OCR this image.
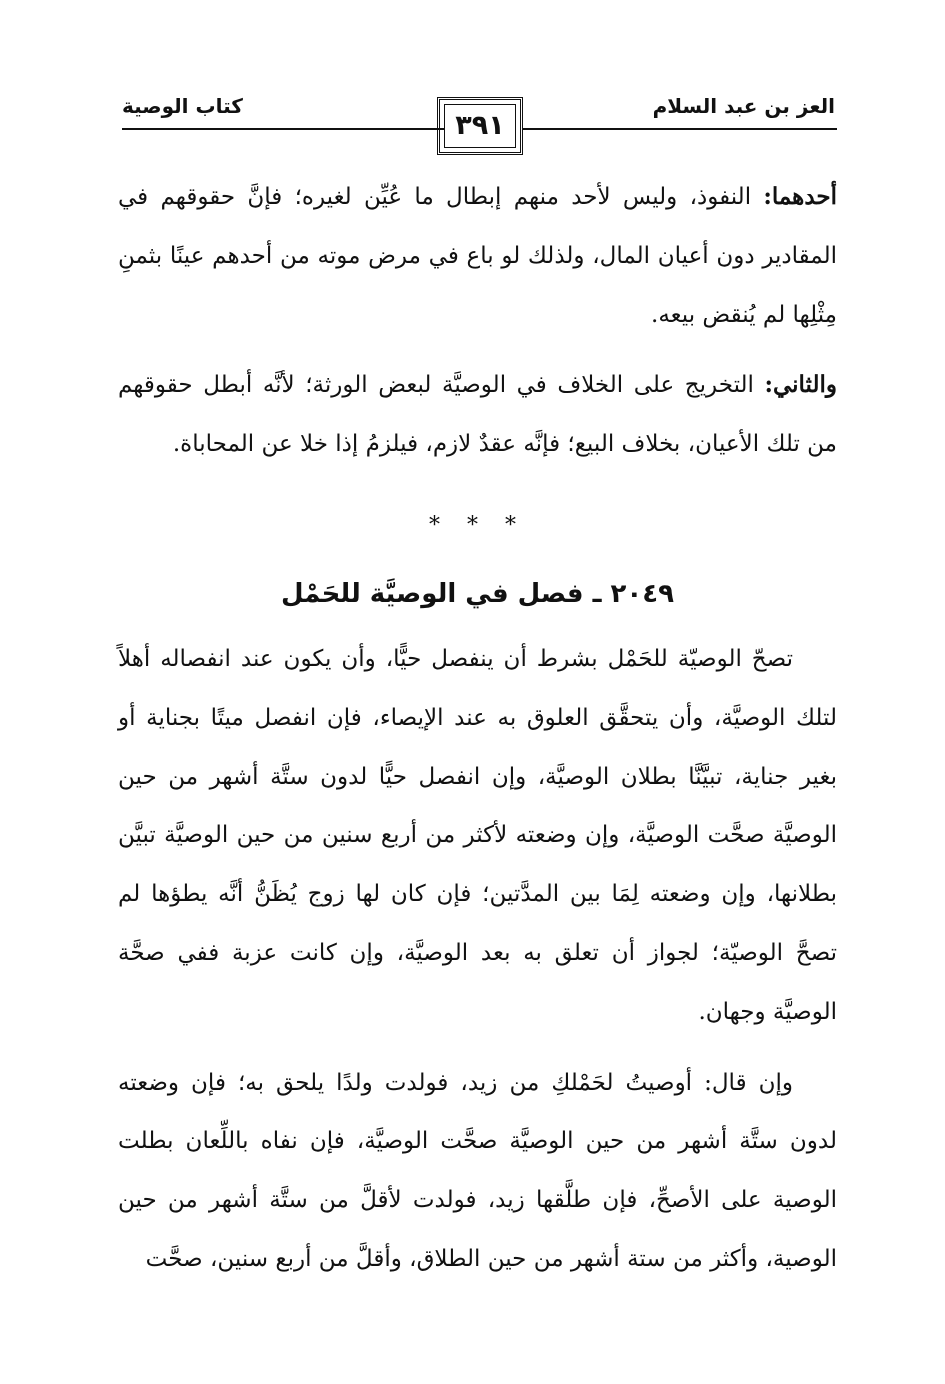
العز بن عبد السلام
كتاب الوصية
٣٩١

أحدهما: النفوذ، وليس لأحد منهم إبطال ما عُيِّن لغيره؛ فإنَّ حقوقهم في المقادير دون أعيان المال، ولذلك لو باع في مرض موته من أحدهم عينًا بثمنِ مِثْلِها لم يُنقض بيعه.

والثاني: التخريج على الخلاف في الوصيَّة لبعض الورثة؛ لأنَّه أبطل حقوقهم من تلك الأعيان، بخلاف البيع؛ فإنَّه عقدٌ لازم، فيلزمُ إذا خلا عن المحاباة.

* * *
٢٠٤٩ ـ فصل في الوصيَّة للحَمْل

تصحّ الوصيّة للحَمْل بشرط أن ينفصل حيًّا، وأن يكون عند انفصاله أهلاً لتلك الوصيَّة، وأن يتحقَّق العلوق به عند الإيصاء، فإن انفصل ميتًا بجناية أو بغير جناية، تبيَّنَّا بطلان الوصيَّة، وإن انفصل حيًّا لدون ستَّة أشهر من حين الوصيَّة صحَّت الوصيَّة، وإن وضعته لأكثر من أربع سنين من حين الوصيَّة تبيَّن بطلانها، وإن وضعته لِمَا بين المدَّتين؛ فإن كان لها زوج يُظَنُّ أنَّه يطؤها لم تصحَّ الوصيّة؛ لجواز أن تعلق به بعد الوصيَّة، وإن كانت عزبة ففي صحَّة الوصيَّة وجهان.

وإن قال: أوصيتُ لحَمْلكِ من زيد، فولدت ولدًا يلحق به؛ فإن وضعته لدون ستَّة أشهر من حين الوصيَّة صحَّت الوصيَّة، فإن نفاه باللِّعان بطلت الوصية على الأصحِّ، فإن طلَّقها زيد، فولدت لأقلَّ من ستَّة أشهر من حين الوصية، وأكثر من ستة أشهر من حين الطلاق، وأقلَّ من أربع سنين، صحَّت
